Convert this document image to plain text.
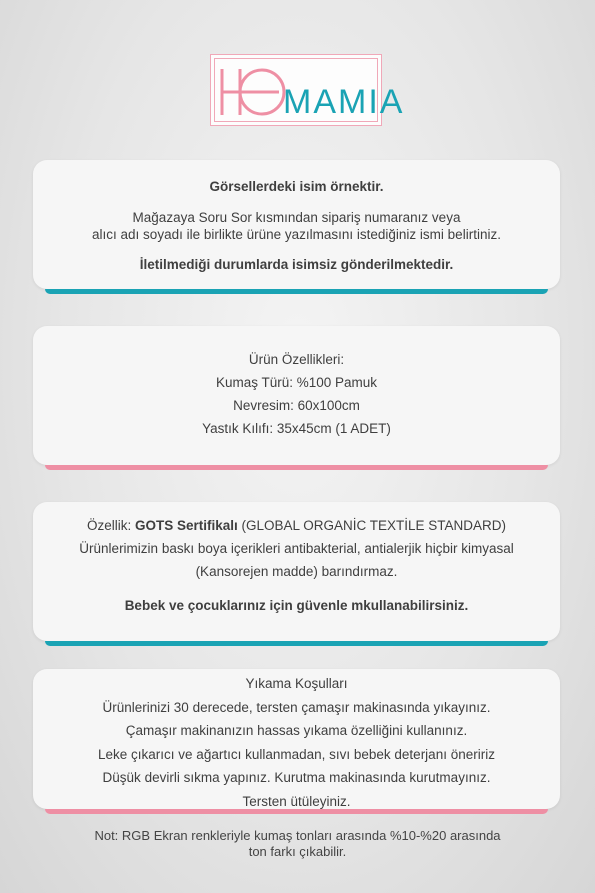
MAMIA
Görsellerdeki isim örnektir.
Mağazaya Soru Sor kısmından sipariş numaranız veya
alıcı adı soyadı ile birlikte ürüne yazılmasını istediğiniz ismi belirtiniz.
İletilmediği durumlarda isimsiz gönderilmektedir.
Ürün Özellikleri:
Kumaş Türü: %100 Pamuk
Nevresim: 60x100cm
Yastık Kılıfı: 35x45cm (1 ADET)
Özellik: GOTS Sertifikalı (GLOBAL ORGANİC TEXTİLE STANDARD)
Ürünlerimizin baskı boya içerikleri antibakterial, antialerjik hiçbir kimyasal
(Kansorejen madde) barındırmaz.
Bebek ve çocuklarınız için güvenle mkullanabilirsiniz.
Yıkama Koşulları
Ürünlerinizi 30 derecede, tersten çamaşır makinasında yıkayınız.
Çamaşır makinanızın hassas yıkama özelliğini kullanınız.
Leke çıkarıcı ve ağartıcı kullanmadan, sıvı bebek deterjanı öneririz
Düşük devirli sıkma yapınız. Kurutma makinasında kurutmayınız.
Tersten ütüleyiniz.
Not: RGB Ekran renkleriyle kumaş tonları arasında %10-%20 arasında
ton farkı çıkabilir.
